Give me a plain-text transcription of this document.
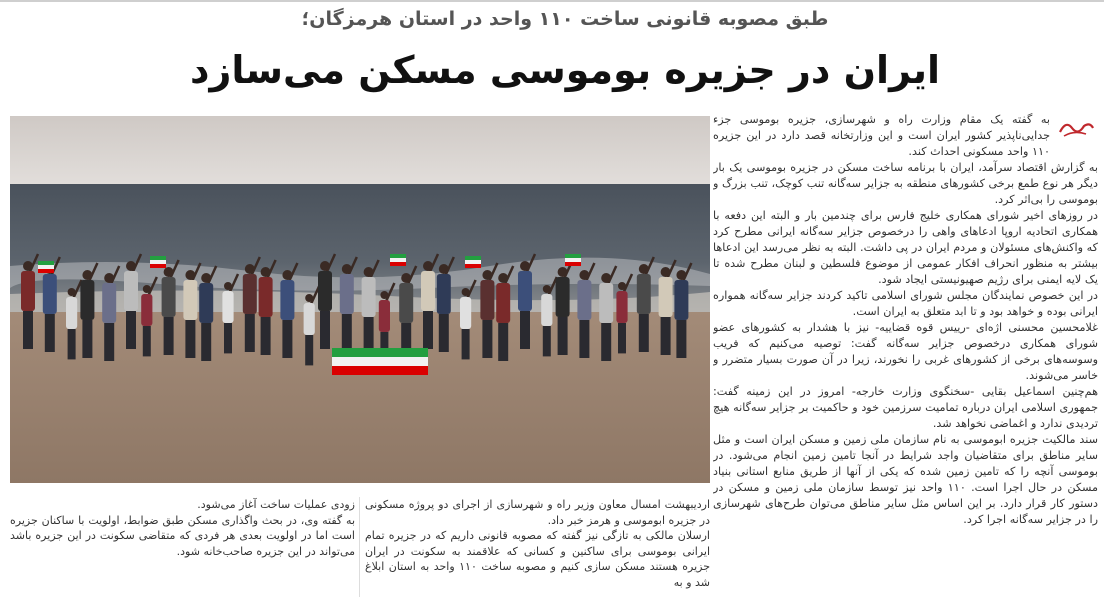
طبق مصوبه قانونی ساخت ۱۱۰ واحد در استان هرمزگان؛
ایران در جزیره بوموسی مسکن می‌سازد

به گفته یک مقام وزارت راه و شهرسازی، جزیره بوموسی جزء جدایی‌ناپذیر کشور ایران است و این وزارتخانه قصد دارد در این جزیره ۱۱۰ واحد مسکونی احداث کند.

به گزارش اقتصاد سرآمد، ایران با برنامه ساخت مسکن در جزیره بوموسی یک بار دیگر هر نوع طمع برخی کشورهای منطقه به جزایر سه‌گانه تنب کوچک، تنب بزرگ و بوموسی را بی‌اثر کرد.

در روزهای اخیر شورای همکاری خلیج فارس برای چندمین بار و البته این دفعه با همکاری اتحادیه اروپا ادعاهای واهی را درخصوص جزایر سه‌گانه ایرانی مطرح کرد که واکنش‌های مسئولان و مردم ایران در پی داشت. البته به نظر می‌رسد این ادعاها بیشتر به منظور انحراف افکار عمومی از موضوع فلسطین و لبنان مطرح شده تا یک لایه ایمنی برای رژیم صهیونیستی ایجاد شود.

در این خصوص نمایندگان مجلس شورای اسلامی تاکید کردند جزایر سه‌گانه همواره ایرانی بوده و خواهد بود و تا ابد متعلق به ایران است.

غلامحسین محسنی اژه‌ای -رییس قوه قضاییه- نیز با هشدار به کشورهای عضو شورای همکاری درخصوص جزایر سه‌گانه گفت: توصیه می‌کنیم که فریب وسوسه‌های برخی از کشورهای غربی را نخورند، زیرا در آن صورت بسیار متضرر و خاسر می‌شوند.

هم‌چنین اسماعیل بقایی -سخنگوی وزارت خارجه- امروز در این زمینه گفت: جمهوری اسلامی ایران درباره تمامیت سرزمین خود و حاکمیت بر جزایر سه‌گانه هیچ تردیدی ندارد و اغماضی نخواهد شد.

سند مالکیت جزیره ابوموسی به نام سازمان ملی زمین و مسکن ایران است و مثل سایر مناطق برای متقاضیان واجد شرایط در آنجا تامین زمین انجام می‌شود. در بوموسی آنچه را که تامین زمین شده که یکی از آنها از طریق منابع استانی بنیاد مسکن در حال اجرا است. ۱۱۰ واحد نیز توسط سازمان ملی زمین و مسکن در دستور کار قرار دارد. بر این اساس مثل سایر مناطق می‌توان طرح‌های شهرسازی را در جزایر سه‌گانه اجرا کرد.

اردیبهشت امسال معاون وزیر راه و شهرسازی از اجرای دو پروژه مسکونی در جزیره ابوموسی و هرمز خبر داد.

ارسلان مالکی به تازگی نیز گفته که مصوبه قانونی داریم که در جزیره تمام ایرانی بوموسی برای ساکنین و کسانی که علاقمند به سکونت در ایران جزیره هستند مسکن سازی کنیم و مصوبه ساخت ۱۱۰ واحد به استان ابلاغ شد و به

زودی عملیات ساخت آغاز می‌شود.

به گفته وی، در بحث واگذاری مسکن طبق ضوابط، اولویت با ساکنان جزیره است اما در اولویت بعدی هر فردی که متقاضی سکونت در این جزیره باشد می‌تواند در این جزیره صاحب‌خانه شود.
